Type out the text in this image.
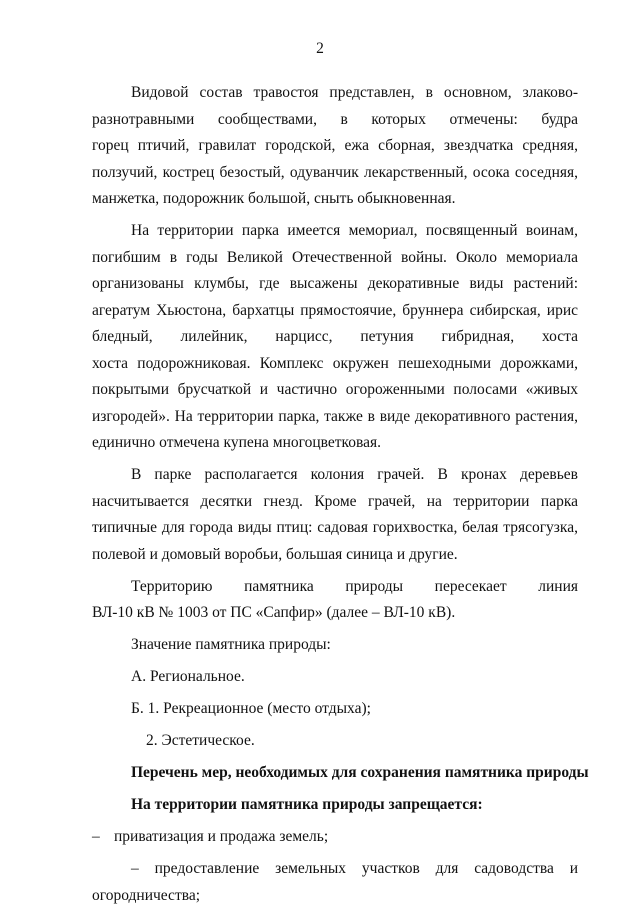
2
Видовой состав травостоя представлен, в основном, злаково-
разнотравными сообществами, в которых отмечены: будра
горец птичий, гравилат городской, ежа сборная, звездчатка средняя,
ползучий, кострец безостый, одуванчик лекарственный, осока соседняя,
манжетка, подорожник большой, сныть обыкновенная.
На территории парка имеется мемориал, посвященный воинам,
погибшим в годы Великой Отечественной войны. Около мемориала
организованы клумбы, где высажены декоративные виды растений:
агератум Хьюстона, бархатцы прямостоячие, бруннера сибирская, ирис
бледный, лилейник, нарцисс, петуния гибридная, хоста
хоста подорожниковая. Комплекс окружен пешеходными дорожками,
покрытыми брусчаткой и частично огороженными полосами «живых
изгородей». На территории парка, также в виде декоративного растения,
единично отмечена купена многоцветковая.
В парке располагается колония грачей. В кронах деревьев
насчитывается десятки гнезд. Кроме грачей, на территории парка
типичные для города виды птиц: садовая горихвостка, белая трясогузка,
полевой и домовый воробьи, большая синица и другие.
Территорию памятника природы пересекает линия
ВЛ-10 кВ № 1003 от ПС «Сапфир» (далее – ВЛ-10 кВ).
Значение памятника природы:
А. Региональное.
Б. 1. Рекреационное (место отдыха);
2. Эстетическое.
Перечень мер, необходимых для сохранения памятника природы
На территории памятника природы запрещается:
– приватизация и продажа земель;
– предоставление земельных участков для садоводства и
огородничества;
